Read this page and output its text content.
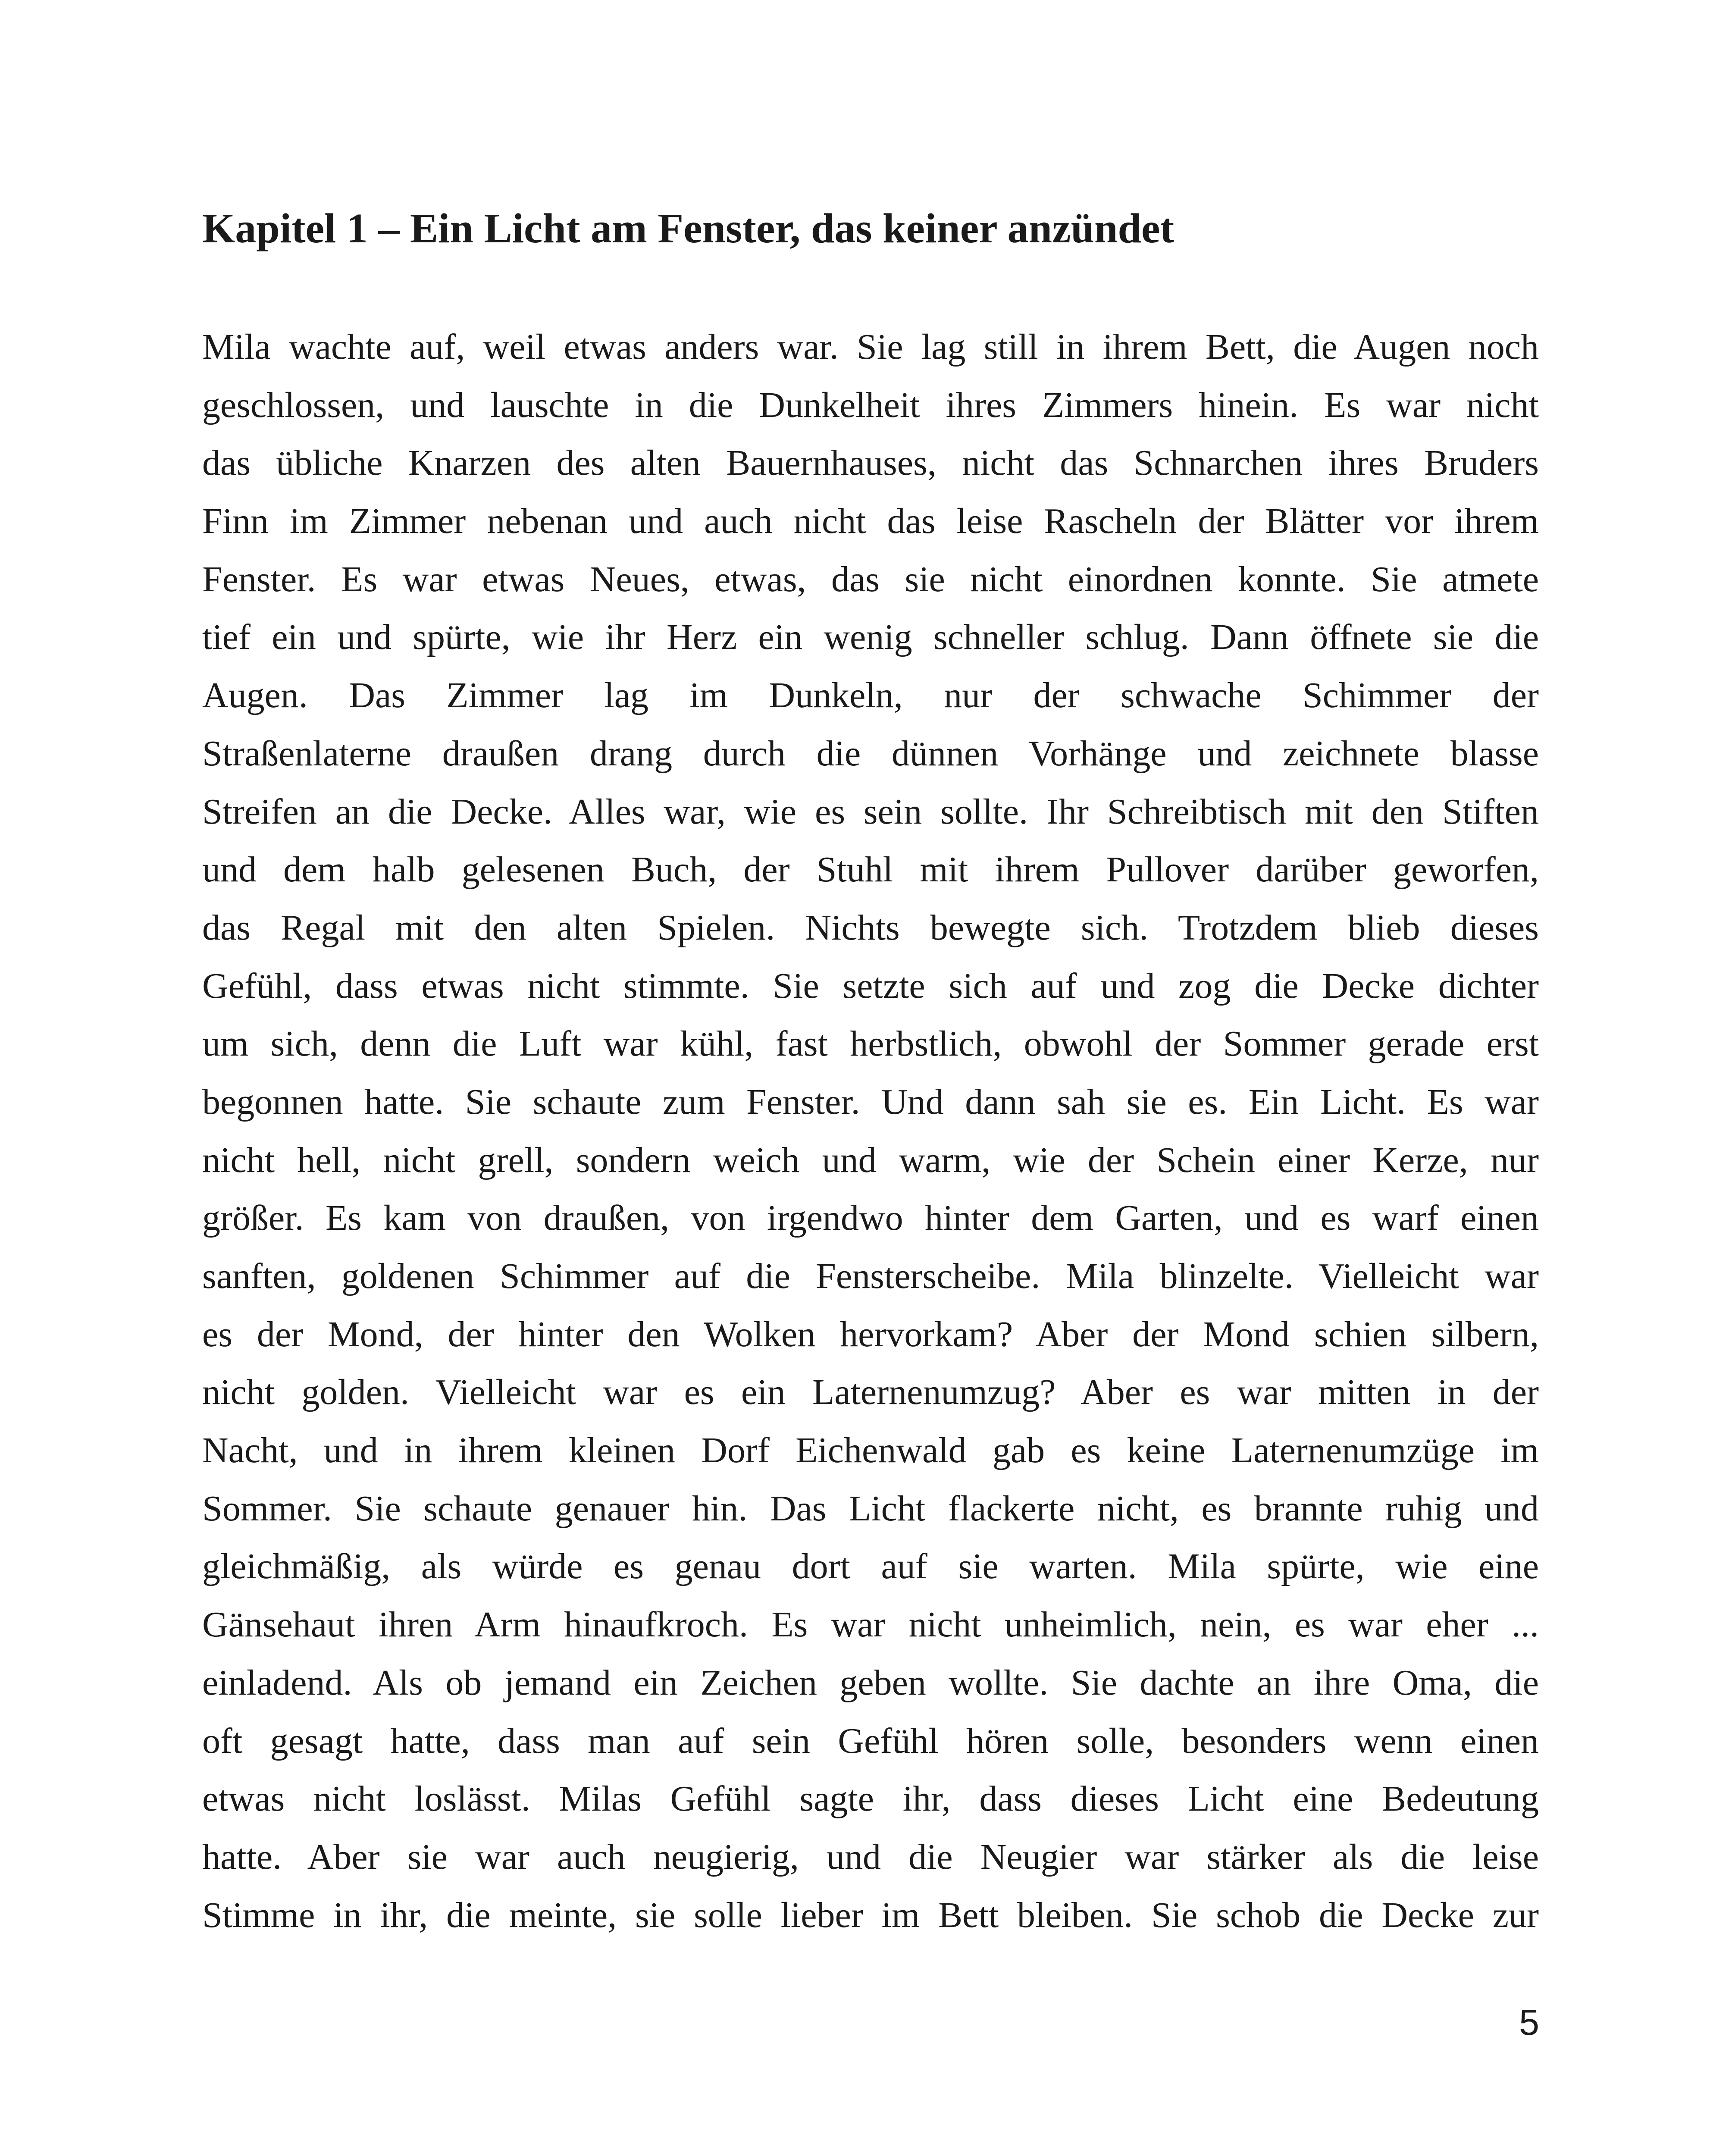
Kapitel 1 – Ein Licht am Fenster, das keiner anzündet
Mila wachte auf, weil etwas anders war. Sie lag still in ihrem Bett, die Augen noch
geschlossen, und lauschte in die Dunkelheit ihres Zimmers hinein. Es war nicht
das übliche Knarzen des alten Bauernhauses, nicht das Schnarchen ihres Bruders
Finn im Zimmer nebenan und auch nicht das leise Rascheln der Blätter vor ihrem
Fenster. Es war etwas Neues, etwas, das sie nicht einordnen konnte. Sie atmete
tief ein und spürte, wie ihr Herz ein wenig schneller schlug. Dann öffnete sie die
Augen. Das Zimmer lag im Dunkeln, nur der schwache Schimmer der
Straßenlaterne draußen drang durch die dünnen Vorhänge und zeichnete blasse
Streifen an die Decke. Alles war, wie es sein sollte. Ihr Schreibtisch mit den Stiften
und dem halb gelesenen Buch, der Stuhl mit ihrem Pullover darüber geworfen,
das Regal mit den alten Spielen. Nichts bewegte sich. Trotzdem blieb dieses
Gefühl, dass etwas nicht stimmte. Sie setzte sich auf und zog die Decke dichter
um sich, denn die Luft war kühl, fast herbstlich, obwohl der Sommer gerade erst
begonnen hatte. Sie schaute zum Fenster. Und dann sah sie es. Ein Licht. Es war
nicht hell, nicht grell, sondern weich und warm, wie der Schein einer Kerze, nur
größer. Es kam von draußen, von irgendwo hinter dem Garten, und es warf einen
sanften, goldenen Schimmer auf die Fensterscheibe. Mila blinzelte. Vielleicht war
es der Mond, der hinter den Wolken hervorkam? Aber der Mond schien silbern,
nicht golden. Vielleicht war es ein Laternenumzug? Aber es war mitten in der
Nacht, und in ihrem kleinen Dorf Eichenwald gab es keine Laternenumzüge im
Sommer. Sie schaute genauer hin. Das Licht flackerte nicht, es brannte ruhig und
gleichmäßig, als würde es genau dort auf sie warten. Mila spürte, wie eine
Gänsehaut ihren Arm hinaufkroch. Es war nicht unheimlich, nein, es war eher ...
einladend. Als ob jemand ein Zeichen geben wollte. Sie dachte an ihre Oma, die
oft gesagt hatte, dass man auf sein Gefühl hören solle, besonders wenn einen
etwas nicht loslässt. Milas Gefühl sagte ihr, dass dieses Licht eine Bedeutung
hatte. Aber sie war auch neugierig, und die Neugier war stärker als die leise
Stimme in ihr, die meinte, sie solle lieber im Bett bleiben. Sie schob die Decke zur
5
